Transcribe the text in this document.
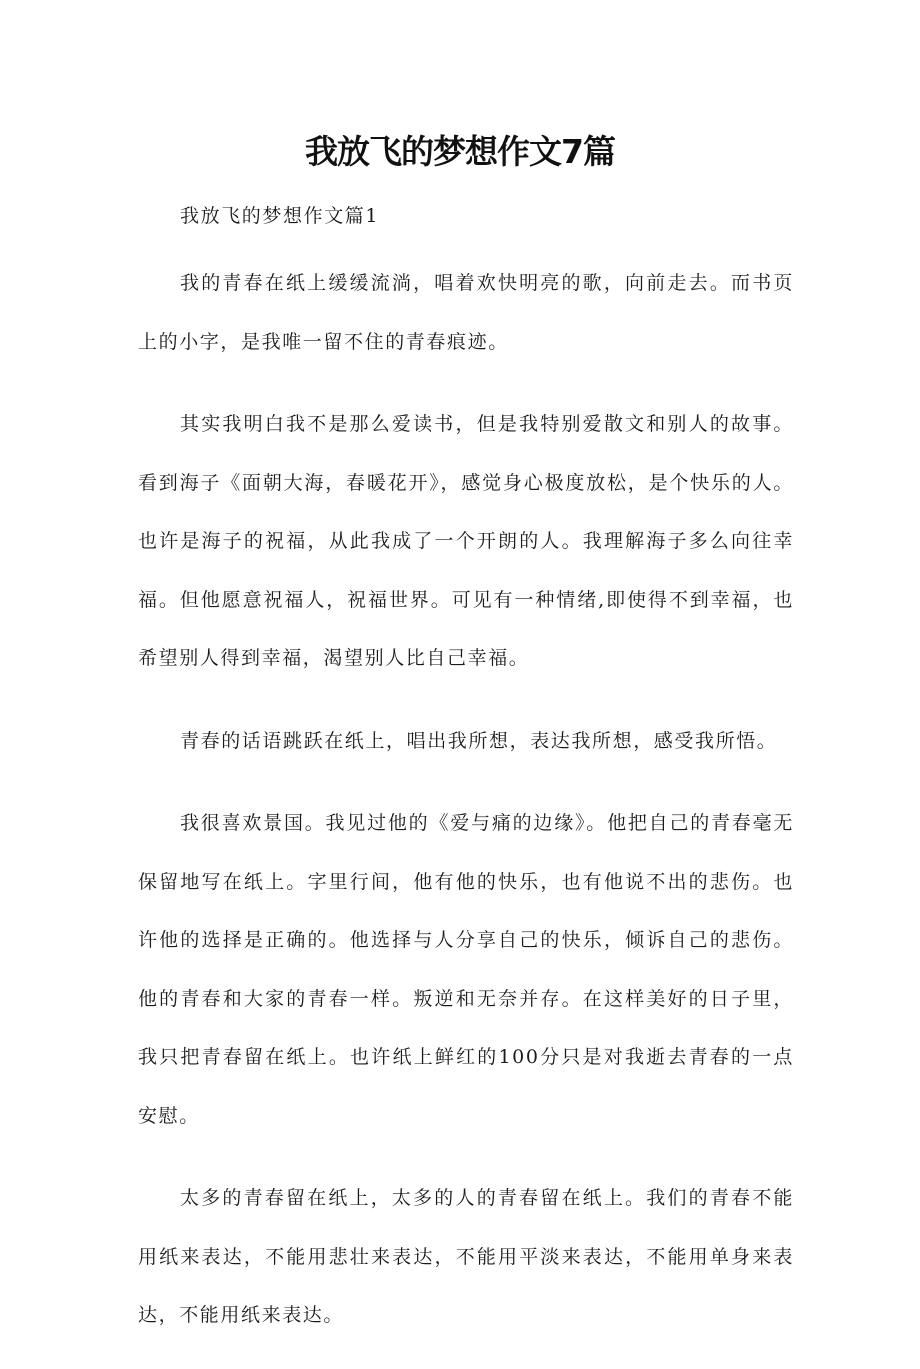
我放飞的梦想作文7篇

我放飞的梦想作文篇1

我的青春在纸上缓缓流淌，唱着欢快明亮的歌，向前走去。而书页上的小字，是我唯一留不住的青春痕迹。

其实我明白我不是那么爱读书，但是我特别爱散文和别人的故事。看到海子《面朝大海，春暖花开》，感觉身心极度放松，是个快乐的人。也许是海子的祝福，从此我成了一个开朗的人。我理解海子多么向往幸福。但他愿意祝福人，祝福世界。可见有一种情绪,即使得不到幸福，也希望别人得到幸福，渴望别人比自己幸福。

青春的话语跳跃在纸上，唱出我所想，表达我所想，感受我所悟。

我很喜欢景国。我见过他的《爱与痛的边缘》。他把自己的青春毫无保留地写在纸上。字里行间，他有他的快乐，也有他说不出的悲伤。也许他的选择是正确的。他选择与人分享自己的快乐，倾诉自己的悲伤。他的青春和大家的青春一样。叛逆和无奈并存。在这样美好的日子里，我只把青春留在纸上。也许纸上鲜红的100分只是对我逝去青春的一点安慰。

太多的青春留在纸上，太多的人的青春留在纸上。我们的青春不能用纸来表达，不能用悲壮来表达，不能用平淡来表达，不能用单身来表达，不能用纸来表达。
